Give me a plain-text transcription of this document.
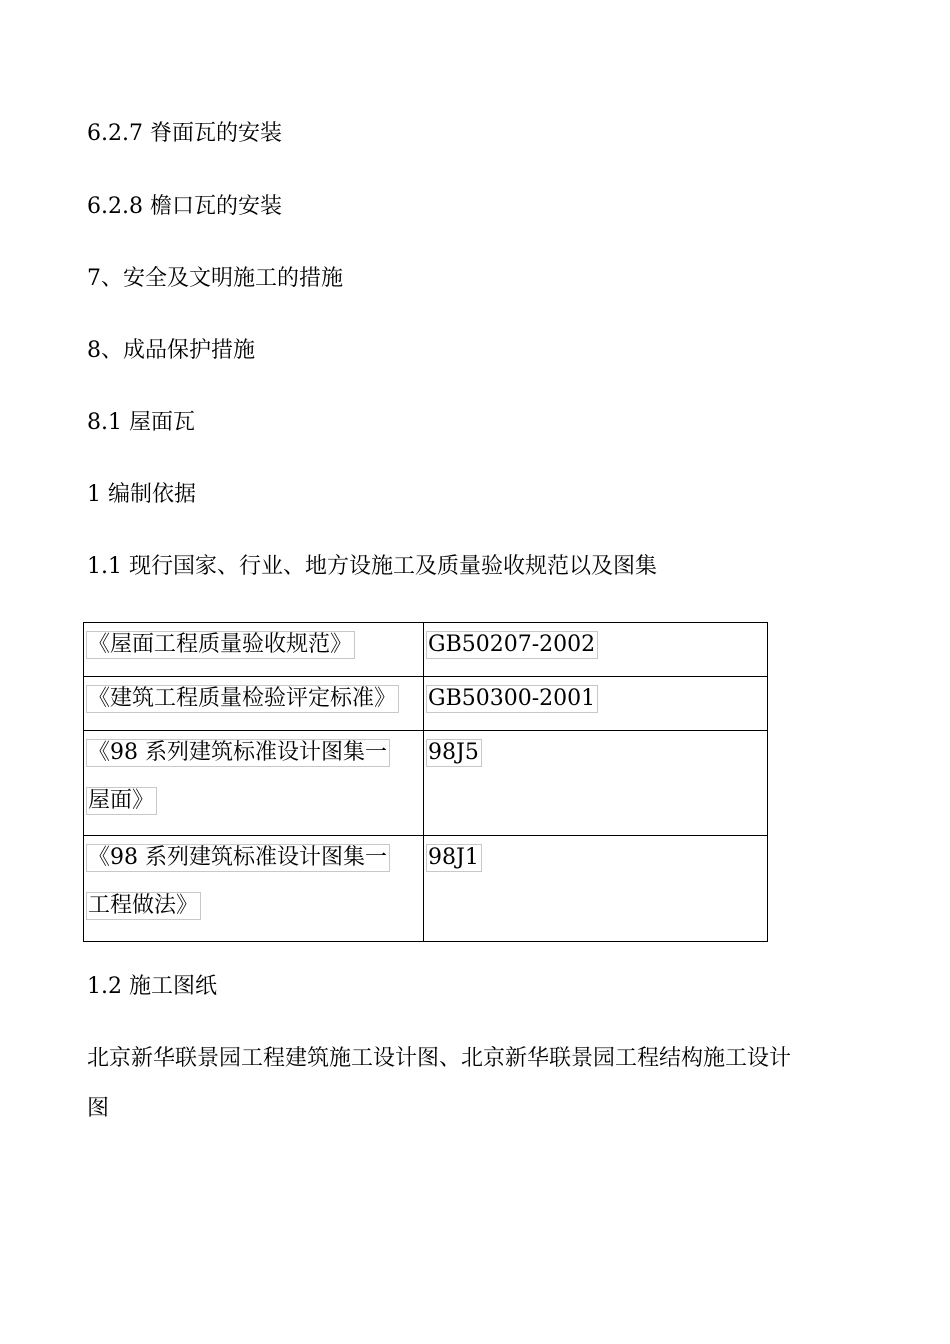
6.2.7 脊面瓦的安装

6.2.8 檐口瓦的安装

7、安全及文明施工的措施

8、成品保护措施

8.1 屋面瓦

1 编制依据

1.1 现行国家、行业、地方设施工及质量验收规范以及图集

《屋面工程质量验收规范》	GB50207-2002
《建筑工程质量检验评定标准》	GB50300-2001
《98 系列建筑标准设计图集一
屋面》	98J5
《98 系列建筑标准设计图集一
工程做法》	98J1

1.2 施工图纸

北京新华联景园工程建筑施工设计图、北京新华联景园工程结构施工设计

图
